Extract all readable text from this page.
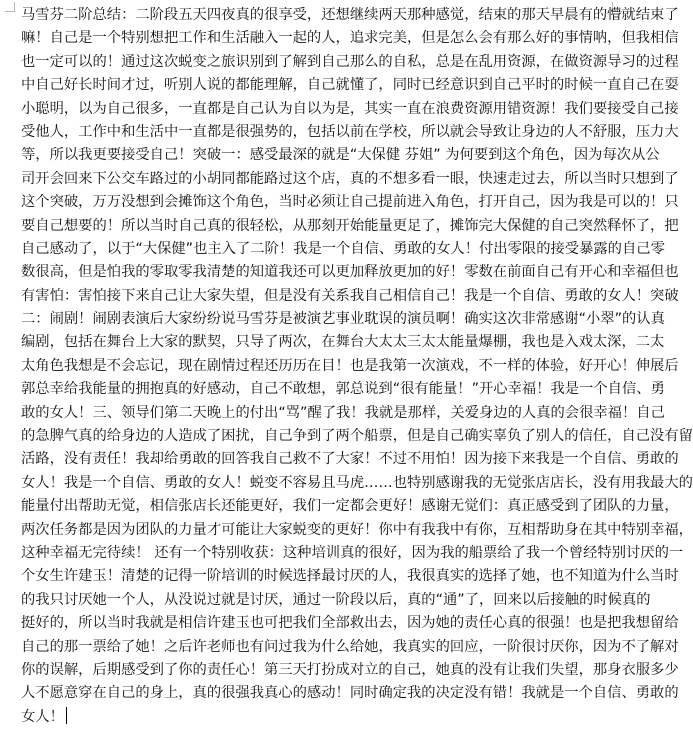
马雪芬二阶总结：二阶段五天四夜真的很享受，还想继续两天那种感觉，结束的那天早晨有的懵就结束了
嘛！自己是一个特别想把工作和生活融入一起的人，追求完美，但是怎么会有那么好的事情呐，但我相信
也一定可以的！通过这次蜕变之旅识别到了解到自己那么的自私，总是在乱用资源，在做资源导习的过程
中自己好长时间才过，听别人说的都能理解，自己就懂了，同时已经意识到自己平时的时候一直自己在耍
小聪明，以为自己很多，一直都是自己认为自以为是，其实一直在浪费资源用错资源！我们要接受自己接
受他人，工作中和生活中一直都是很强势的，包括以前在学校，所以就会导致让身边的人不舒服，压力大
等，所以我更要接受自己！突破一：感受最深的就是“大保健 芬姐” 为何要到这个角色，因为每次从公
司开会回来下公交车路过的小胡同都能路过这个店，真的不想多看一眼，快速走过去，所以当时只想到了
这个突破，万万没想到会摊饰这个角色，当时必须让自己提前进入角色，打开自己，因为我是可以的！只
要自己想要的！所以当时自己真的很轻松，从那刻开始能量更足了，摊饰完大保健的自己突然释怀了，把
自己感动了，以于“大保健”也主入了二阶！我是一个自信、勇敢的女人！付出零限的接受暴露的自己零
数很高，但是怕我的零取零我清楚的知道我还可以更加释放更加的好！零数在前面自己有开心和幸福但也
有害怕：害怕接下来自己让大家失望，但是没有关系我自己相信自己！我是一个自信、勇敢的女人！突破
二：闹剧！闹剧表演后大家纷纷说马雪芬是被演艺事业耽误的演员啊！确实这次非常感谢“小翠”的认真
编剧，包括在舞台上大家的默契，只导了两次，在舞台大太太三太太能量爆棚，我也是入戏太深，二太
太角色我想是不会忘记，现在剧情过程还历历在目！也是我第一次演戏，不一样的体验，好开心！伸展后
郭总幸给我能量的拥抱真的好感动，自己不敢想，郭总说到“很有能量！”开心幸福！我是一个自信、勇
敢的女人！三、领导们第二天晚上的付出“骂”醒了我！我就是那样，关爱身边的人真的会很幸福！自己
的急脾气真的给身边的人造成了困扰，自己争到了两个船票，但是自己确实辜负了别人的信任，自己没有留
活路，没有责任！我却给勇敢的回答我自己救不了大家！不过不用怕！因为接下来我是一个自信、勇敢的
女人！我是一个自信、勇敢的女人！蜕变不容易且马虎……也特别感谢我的无觉张店店长，没有用我最大的
能量付出帮助无觉，相信张店长还能更好，我们一定都会更好！感谢无觉们：真正感受到了团队的力量，
两次任务都是因为团队的力量才可能让大家蜕变的更好！你中有我我中有你，互相帮助身在其中特别幸福，
这种幸福无完待续！ 还有一个特别收获：这种培训真的很好，因为我的船票给了我一个曾经特别讨厌的一
个女生许建玉！清楚的记得一阶培训的时候选择最讨厌的人，我很真实的选择了她，也不知道为什么当时
的我只讨厌她一个人，从没说过就是讨厌，通过一阶段以后，真的“通”了，回来以后接触的时候真的
挺好的，所以当时我就是相信许建玉也可把我们全部救出去，因为她的责任心真的很强！也是把我想留给
自己的那一票给了她！之后许老师也有问过我为什么给她，我真实的回应，一阶很讨厌你，因为不了解对
你的误解，后期感受到了你的责任心！第三天打扮成对立的自己，她真的没有让我们失望，那身衣服多少
人不愿意穿在自己的身上，真的很强我真心的感动！同时确定我的决定没有错！我就是一个自信、勇敢的
女人！
